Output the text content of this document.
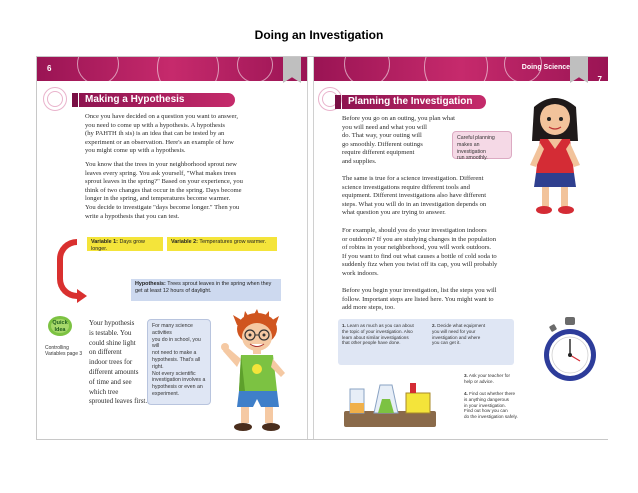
Doing an Investigation
6
Making a Hypothesis

Once you have decided on a question you want to answer,
you need to come up with a hypothesis. A hypothesis
(hy PAHTH ih sis) is an idea that can be tested by an
experiment or an observation. Here's an example of how
you might come up with a hypothesis.

You know that the trees in your neighborhood sprout new
leaves every spring. You ask yourself, "What makes trees
sprout leaves in the spring?" Based on your experience, you
think of two changes that occur in the spring. Days become
longer in the spring, and temperatures become warmer.
You decide to investigate "days become longer." Then you
write a hypothesis that you can test.

Variable 1: Days grow longer.
Variable 2: Temperatures grow warmer.
Hypothesis: Trees sprout leaves in the spring when they get at least 12 hours of daylight.
Quick
Idea
Controlling
Variables page 3

Your hypothesis
is testable. You
could shine light
on different
indoor trees for
different amounts
of time and see
which tree
sprouted leaves first.

For many science activities
you do in school, you will
not need to make a
hypothesis. That's all right.
Not every scientific
investigation involves a
hypothesis or even an
experiment.
Doing Science
7
Planning the Investigation

Before you go on an outing, you plan what
you will need and what you will
do. That way, your outing will
go smoothly. Different outings
require different equipment
and supplies.

Careful planning
makes an investigation
run smoothly.

The same is true for a science investigation. Different
science investigations require different tools and
equipment. Different investigations also have different
steps. What you will do in an investigation depends on
what question you are trying to answer.

For example, should you do your investigation indoors
or outdoors? If you are studying changes in the population
of robins in your neighborhood, you will work outdoors.
If you want to find out what causes a bottle of cold soda to
suddenly fizz when you twist off its cap, you will probably
work indoors.

Before you begin your investigation, list the steps you will
follow. Important steps are listed here. You might want to
add more steps, too.

1. Learn as much as you can about
the topic of your investigation. Also
learn about similar investigations
that other people have done.
2. Decide what equipment
you will need for your
investigation and where
you can get it.
3. Ask your teacher for
help or advice.
4. Find out whether there
is anything dangerous
in your investigation.
Find out how you can
do the investigation safely.
